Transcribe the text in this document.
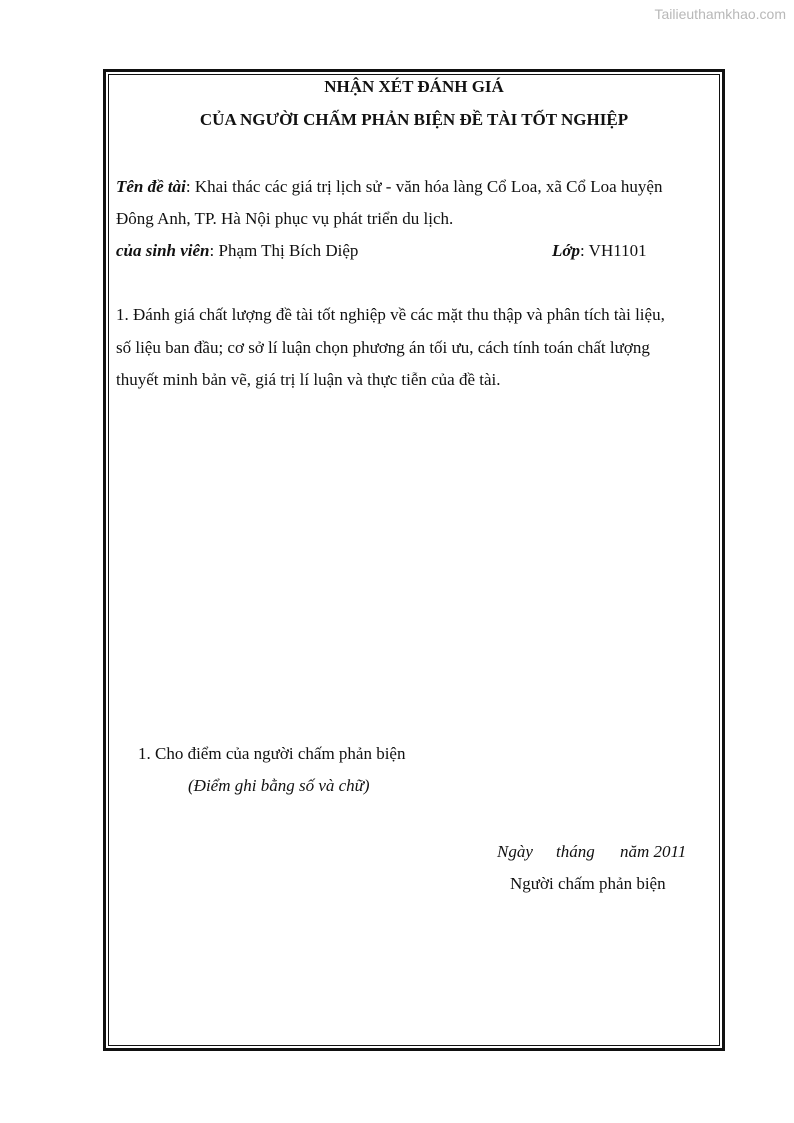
Tailieuthamkhao.com
NHẬN XÉT ĐÁNH GIÁ
CỦA NGƯỜI CHẤM PHẢN BIỆN ĐỀ TÀI TỐT NGHIỆP
Tên đề tài: Khai thác các giá trị lịch sử - văn hóa làng Cổ Loa, xã Cổ Loa huyện
Đông Anh, TP. Hà Nội phục vụ phát triển du lịch.
của sinh viên: Phạm Thị Bích Diệp	Lớp: VH1101
1. Đánh giá chất lượng đề tài tốt nghiệp về các mặt thu thập và phân tích tài liệu,
số liệu ban đầu; cơ sở lí luận chọn phương án tối ưu, cách tính toán chất lượng
thuyết minh bản vẽ, giá trị lí luận và thực tiễn của đề tài.
1. Cho điểm của người chấm phản biện
(Điểm ghi bằng số và chữ)
Ngày tháng năm 2011
Người chấm phản biện
